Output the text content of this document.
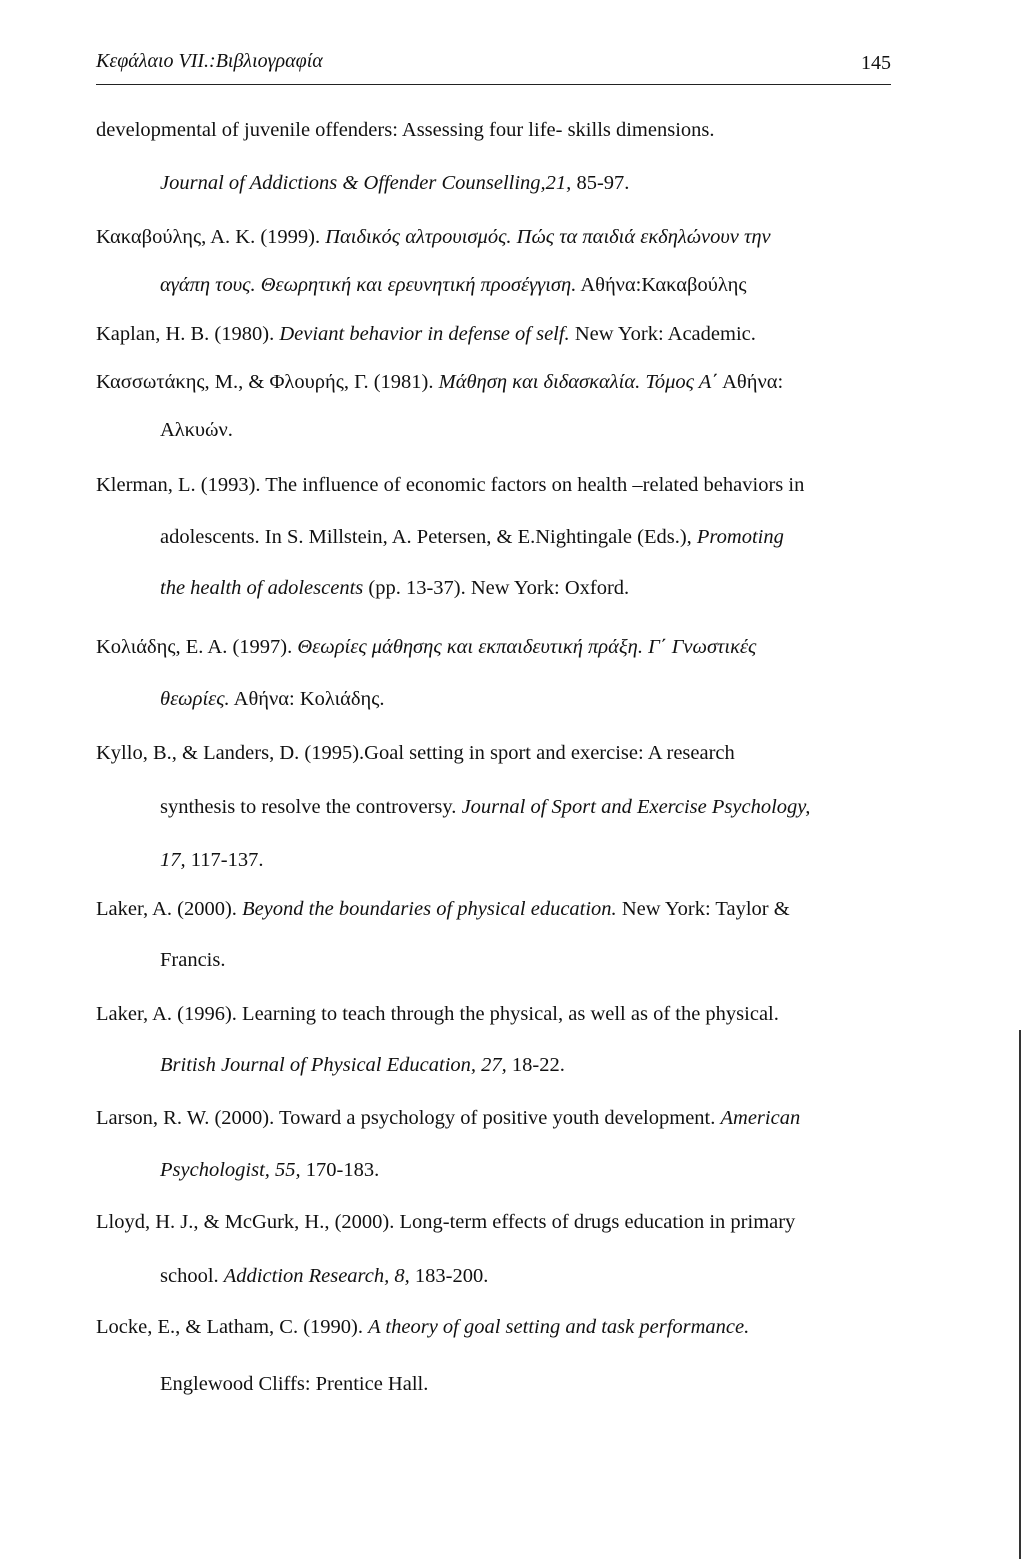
Κεφάλαιο VII.:Βιβλιογραφία	145
developmental of juvenile offenders: Assessing four life- skills dimensions.
Journal of Addictions & Offender Counselling,21, 85-97.
Κακαβούλης, Α. Κ. (1999). Παιδικός αλτρουισμός. Πώς τα παιδιά εκδηλώνουν την
αγάπη τους. Θεωρητική και ερευνητική προσέγγιση. Αθήνα:Κακαβούλης
Kaplan, H. B. (1980). Deviant behavior in defense of self. New York: Academic.
Κασσωτάκης, Μ., & Φλουρής, Γ. (1981). Μάθηση και διδασκαλία. Τόμος Α΄ Αθήνα:
Αλκυών.
Klerman, L. (1993). The influence of economic factors on health –related behaviors in
adolescents. In S. Millstein, A. Petersen, & E.Nightingale (Eds.), Promoting
the health of adolescents (pp. 13-37). New York: Oxford.
Κολιάδης, Ε. Α. (1997). Θεωρίες μάθησης και εκπαιδευτική πράξη. Γ΄ Γνωστικές
θεωρίες. Αθήνα: Κολιάδης.
Kyllo, B., & Landers, D. (1995).Goal setting in sport and exercise: A research
synthesis to resolve the controversy. Journal of Sport and Exercise Psychology,
17, 117-137.
Laker, A. (2000). Beyond the boundaries of physical education. New York: Taylor &
Francis.
Laker, A. (1996). Learning to teach through the physical, as well as of the physical.
British Journal of Physical Education, 27, 18-22.
Larson, R. W. (2000). Toward a psychology of positive youth development. American
Psychologist, 55, 170-183.
Lloyd, H. J., & McGurk, H., (2000). Long-term effects of drugs education in primary
school. Addiction Research, 8, 183-200.
Locke, E., & Latham, C. (1990). A theory of goal setting and task performance.
Englewood Cliffs: Prentice Hall.
